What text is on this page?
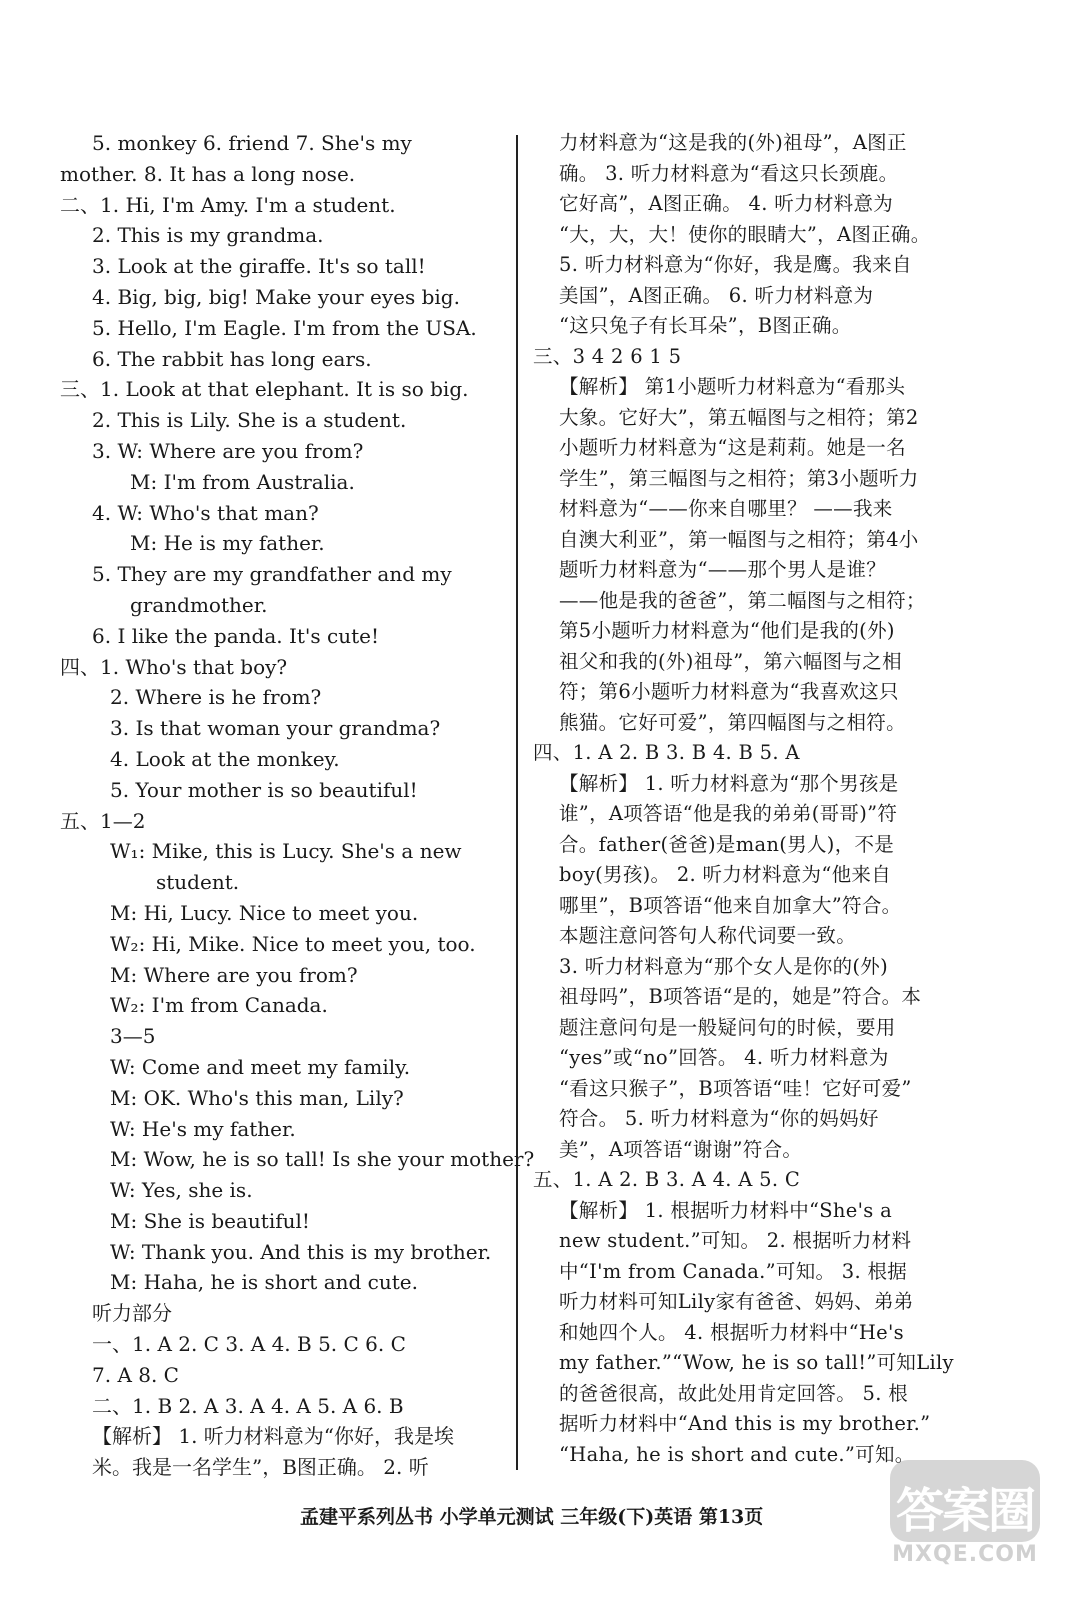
5. monkey 6. friend 7. She's my
mother. 8. It has a long nose.
二、1. Hi, I'm Amy. I'm a student.
2. This is my grandma.
3. Look at the giraffe. It's so tall!
4. Big, big, big! Make your eyes big.
5. Hello, I'm Eagle. I'm from the USA.
6. The rabbit has long ears.
三、1. Look at that elephant. It is so big.
2. This is Lily. She is a student.
3. W: Where are you from?
M: I'm from Australia.
4. W: Who's that man?
M: He is my father.
5. They are my grandfather and my
grandmother.
6. I like the panda. It's cute!
四、1. Who's that boy?
2. Where is he from?
3. Is that woman your grandma?
4. Look at the monkey.
5. Your mother is so beautiful!
五、1—2
W₁: Mike, this is Lucy. She's a new
student.
M: Hi, Lucy. Nice to meet you.
W₂: Hi, Mike. Nice to meet you, too.
M: Where are you from?
W₂: I'm from Canada.
3—5
W: Come and meet my family.
M: OK. Who's this man, Lily?
W: He's my father.
M: Wow, he is so tall! Is she your mother?
W: Yes, she is.
M: She is beautiful!
W: Thank you. And this is my brother.
M: Haha, he is short and cute.
听力部分
一、1. A 2. C 3. A 4. B 5. C 6. C
7. A 8. C
二、1. B 2. A 3. A 4. A 5. A 6. B
【解析】 1. 听力材料意为“你好，我是埃
米。我是一名学生”，B图正确。 2. 听
力材料意为“这是我的(外)祖母”，A图正
确。 3. 听力材料意为“看这只长颈鹿。
它好高”，A图正确。 4. 听力材料意为
“大，大，大！使你的眼睛大”，A图正确。
5. 听力材料意为“你好，我是鹰。我来自
美国”，A图正确。 6. 听力材料意为
“这只兔子有长耳朵”，B图正确。
三、3 4 2 6 1 5
【解析】 第1小题听力材料意为“看那头
大象。它好大”，第五幅图与之相符；第2
小题听力材料意为“这是莉莉。她是一名
学生”，第三幅图与之相符；第3小题听力
材料意为“——你来自哪里？ ——我来
自澳大利亚”，第一幅图与之相符；第4小
题听力材料意为“——那个男人是谁？
——他是我的爸爸”，第二幅图与之相符；
第5小题听力材料意为“他们是我的(外)
祖父和我的(外)祖母”，第六幅图与之相
符；第6小题听力材料意为“我喜欢这只
熊猫。它好可爱”，第四幅图与之相符。
四、1. A 2. B 3. B 4. B 5. A
【解析】 1. 听力材料意为“那个男孩是
谁”，A项答语“他是我的弟弟(哥哥)”符
合。father(爸爸)是man(男人)，不是
boy(男孩)。 2. 听力材料意为“他来自
哪里”，B项答语“他来自加拿大”符合。
本题注意问答句人称代词要一致。
3. 听力材料意为“那个女人是你的(外)
祖母吗”，B项答语“是的，她是”符合。本
题注意问句是一般疑问句的时候，要用
“yes”或“no”回答。 4. 听力材料意为
“看这只猴子”，B项答语“哇！它好可爱”
符合。 5. 听力材料意为“你的妈妈好
美”，A项答语“谢谢”符合。
五、1. A 2. B 3. A 4. A 5. C
【解析】 1. 根据听力材料中“She's a
new student.”可知。 2. 根据听力材料
中“I'm from Canada.”可知。 3. 根据
听力材料可知Lily家有爸爸、妈妈、弟弟
和她四个人。 4. 根据听力材料中“He's
my father.”“Wow, he is so tall!”可知Lily
的爸爸很高，故此处用肯定回答。 5. 根
据听力材料中“And this is my brother.”
“Haha, he is short and cute.”可知。
孟建平系列丛书 小学单元测试 三年级(下)英语 第13页	答
案
圈
MXQE.COM
